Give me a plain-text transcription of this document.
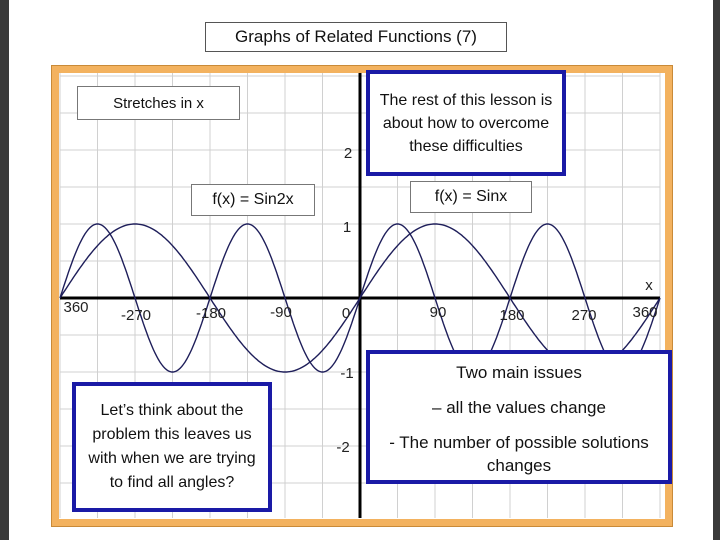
Graphs of Related Functions (7)
360 -270	-180	-90	0	90	180	270 360
2
1
-1
-2
x
Stretches in x
f(x) = Sin2x	f(x) = Sinx
The rest of this lesson is about how to overcome these difficulties
Let’s think about the problem this leaves us with when we are trying to find all angles?
Two main issues
– all the values change
- The number of possible solutions changes
